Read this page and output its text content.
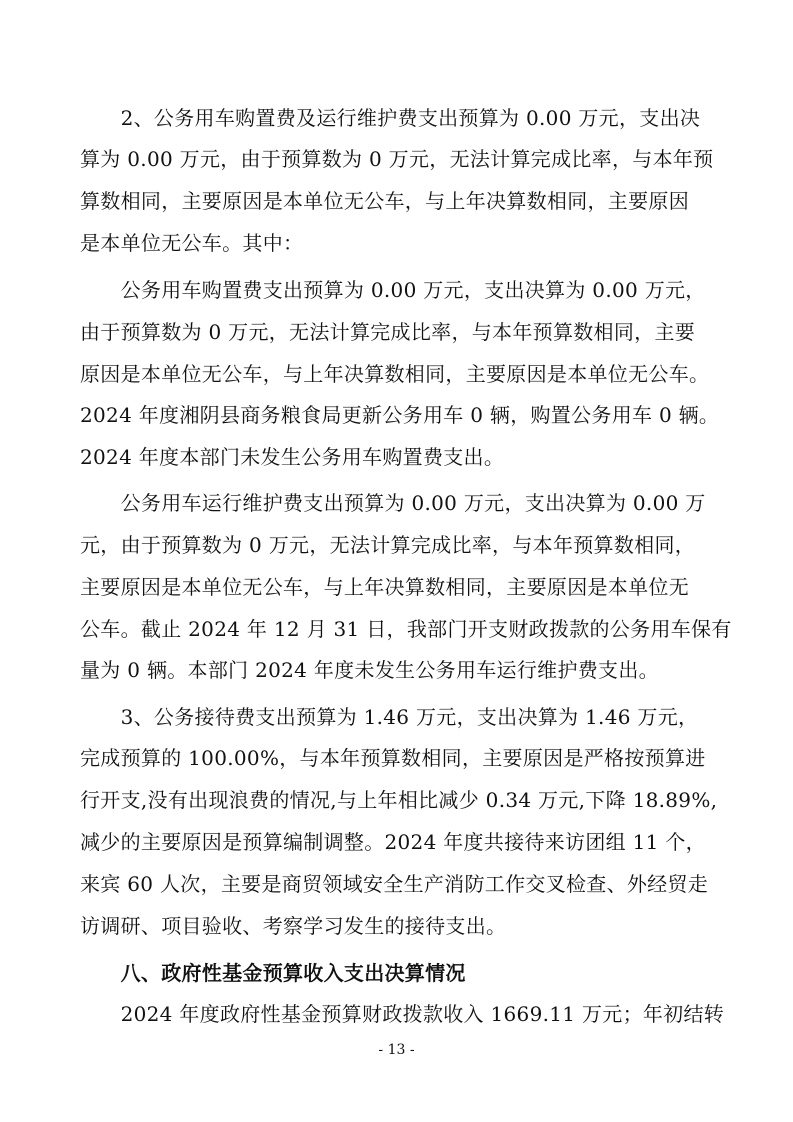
　　2、公务用车购置费及运行维护费支出预算为 0.00 万元，支出决
算为 0.00 万元，由于预算数为 0 万元，无法计算完成比率，与本年预
算数相同，主要原因是本单位无公车，与上年决算数相同，主要原因
是本单位无公车。其中：
　　公务用车购置费支出预算为 0.00 万元，支出决算为 0.00 万元，
由于预算数为 0 万元，无法计算完成比率，与本年预算数相同，主要
原因是本单位无公车，与上年决算数相同，主要原因是本单位无公车。
2024 年度湘阴县商务粮食局更新公务用车 0 辆，购置公务用车 0 辆。
2024 年度本部门未发生公务用车购置费支出。
　　公务用车运行维护费支出预算为 0.00 万元，支出决算为 0.00 万
元，由于预算数为 0 万元，无法计算完成比率，与本年预算数相同，
主要原因是本单位无公车，与上年决算数相同，主要原因是本单位无
公车。截止 2024 年 12 月 31 日，我部门开支财政拨款的公务用车保有
量为 0 辆。本部门 2024 年度未发生公务用车运行维护费支出。
　　3、公务接待费支出预算为 1.46 万元，支出决算为 1.46 万元，
完成预算的 100.00%，与本年预算数相同，主要原因是严格按预算进
行开支,没有出现浪费的情况,与上年相比减少 0.34 万元,下降 18.89%,
减少的主要原因是预算编制调整。2024 年度共接待来访团组 11 个，
来宾 60 人次，主要是商贸领域安全生产消防工作交叉检查、外经贸走
访调研、项目验收、考察学习发生的接待支出。
　　八、政府性基金预算收入支出决算情况
　　2024 年度政府性基金预算财政拨款收入 1669.11 万元；年初结转
- 13 -
